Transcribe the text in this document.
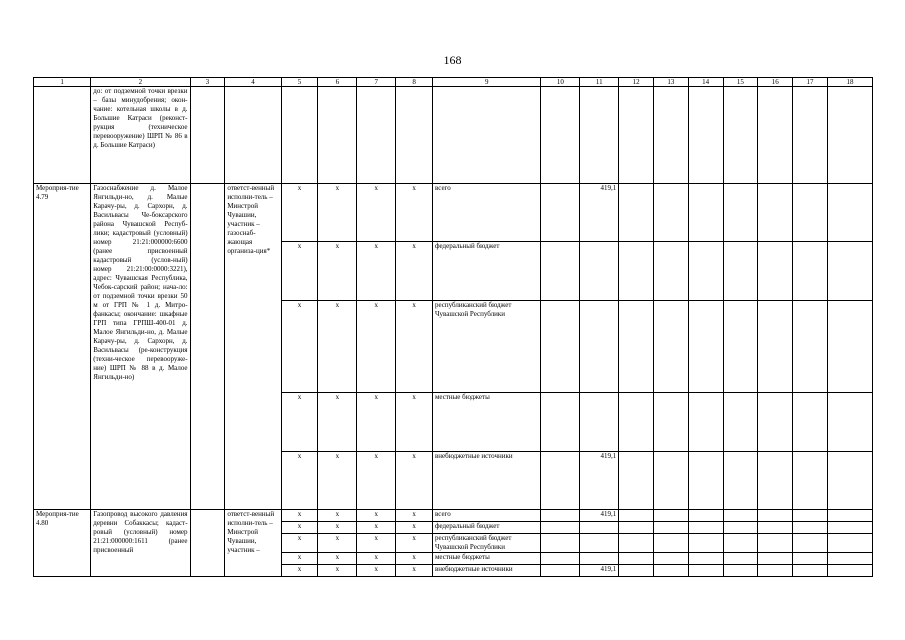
168
1	2	3	4	5	6	7	8	9	10	11	12	13	14	15	16	17	18
	до: от подземной точки врезки – базы минудобрения; окон-чание: котельная школы в д. Большие Катраси (реконст-рукция (техническое перевооружение) ШРП № 86 в д. Большие Катраси)																
Мероприя-тие 4.79	Газоснабжение д. Малое Янгильди-но, д. Малые Карачу-ры, д. Сархорн, д. Васильвасы Че-боксарского района Чувашской Респуб-лики; кадастровый (условный) номер 21:21:000000:6600 (ранее присвоенный кадастровый (услов-ный) номер 21:21:00:0000:3221), адрес: Чувашская Республика, Чебок-сарский район; нача-ло: от подземной точки врезки 50 м от ГРП № 1 д. Митро-фанкасы; окончание: шкафные ГРП типа ГРПШ-400-01 д. Малое Янгильди-но, д. Малые Карачу-ры, д. Сархорн, д. Васильвасы (ре-конструкция (техни-ческое перевооруже-ние) ШРП № 88 в д. Малое Янгильди-но)		ответст-венный исполни-тель – Минстрой Чувашии, участник – газоснаб-жающая организа-ция*	x	x	x	x	всего		419,1							
				x	x	x	x	федеральный бюджет									
				x	x	x	x	республиканский бюджет Чувашской Республики									
				x	x	x	x	местные бюджеты									
				x	x	x	x	внебюджетные источники		419,1							
Мероприя-тие 4.80	Газопровод высокого давления деревни Собаккасы; кадаст-ровый (условный) номер 21:21:000000:1611 (ранее присвоенный		ответст-венный исполни-тель – Минстрой Чувашии, участник –	x	x	x	x	всего		419,1							
				x	x	x	x	федеральный бюджет									
				x	x	x	x	республиканский бюджет Чувашской Республики									
				x	x	x	x	местные бюджеты									
				x	x	x	x	внебюджетные источники		419,1							
